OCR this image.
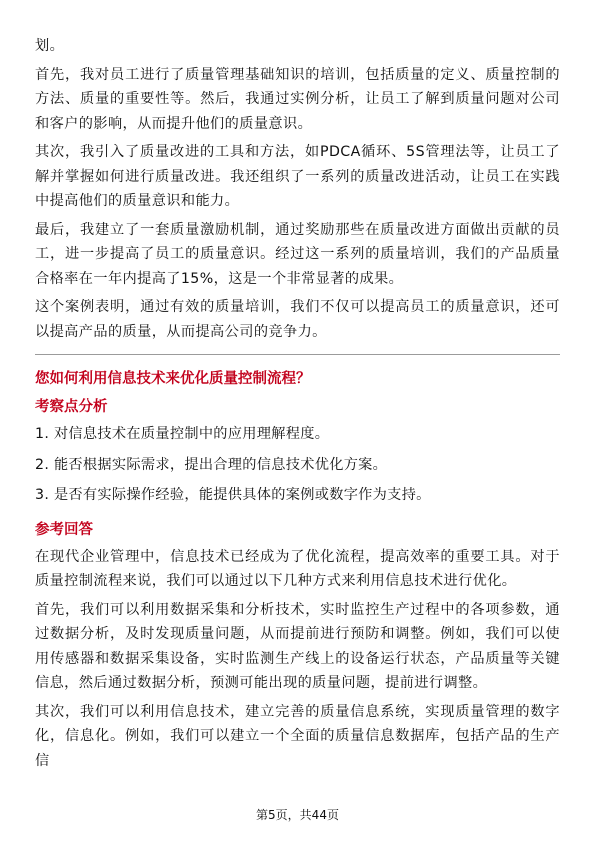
划。

首先，我对员工进行了质量管理基础知识的培训，包括质量的定义、质量控制的方法、质量的重要性等。然后，我通过实例分析，让员工了解到质量问题对公司和客户的影响，从而提升他们的质量意识。

其次，我引入了质量改进的工具和方法，如PDCA循环、5S管理法等，让员工了解并掌握如何进行质量改进。我还组织了一系列的质量改进活动，让员工在实践中提高他们的质量意识和能力。

最后，我建立了一套质量激励机制，通过奖励那些在质量改进方面做出贡献的员工，进一步提高了员工的质量意识。经过这一系列的质量培训，我们的产品质量合格率在一年内提高了15%，这是一个非常显著的成果。

这个案例表明，通过有效的质量培训，我们不仅可以提高员工的质量意识，还可以提高产品的质量，从而提高公司的竞争力。

您如何利用信息技术来优化质量控制流程？
考察点分析
1. 对信息技术在质量控制中的应用理解程度。
2. 能否根据实际需求，提出合理的信息技术优化方案。
3. 是否有实际操作经验，能提供具体的案例或数字作为支持。
参考回答

在现代企业管理中，信息技术已经成为了优化流程，提高效率的重要工具。对于质量控制流程来说，我们可以通过以下几种方式来利用信息技术进行优化。

首先，我们可以利用数据采集和分析技术，实时监控生产过程中的各项参数，通过数据分析，及时发现质量问题，从而提前进行预防和调整。例如，我们可以使用传感器和数据采集设备，实时监测生产线上的设备运行状态，产品质量等关键信息，然后通过数据分析，预测可能出现的质量问题，提前进行调整。

其次，我们可以利用信息技术，建立完善的质量信息系统，实现质量管理的数字化，信息化。例如，我们可以建立一个全面的质量信息数据库，包括产品的生产信

第5页，共44页
